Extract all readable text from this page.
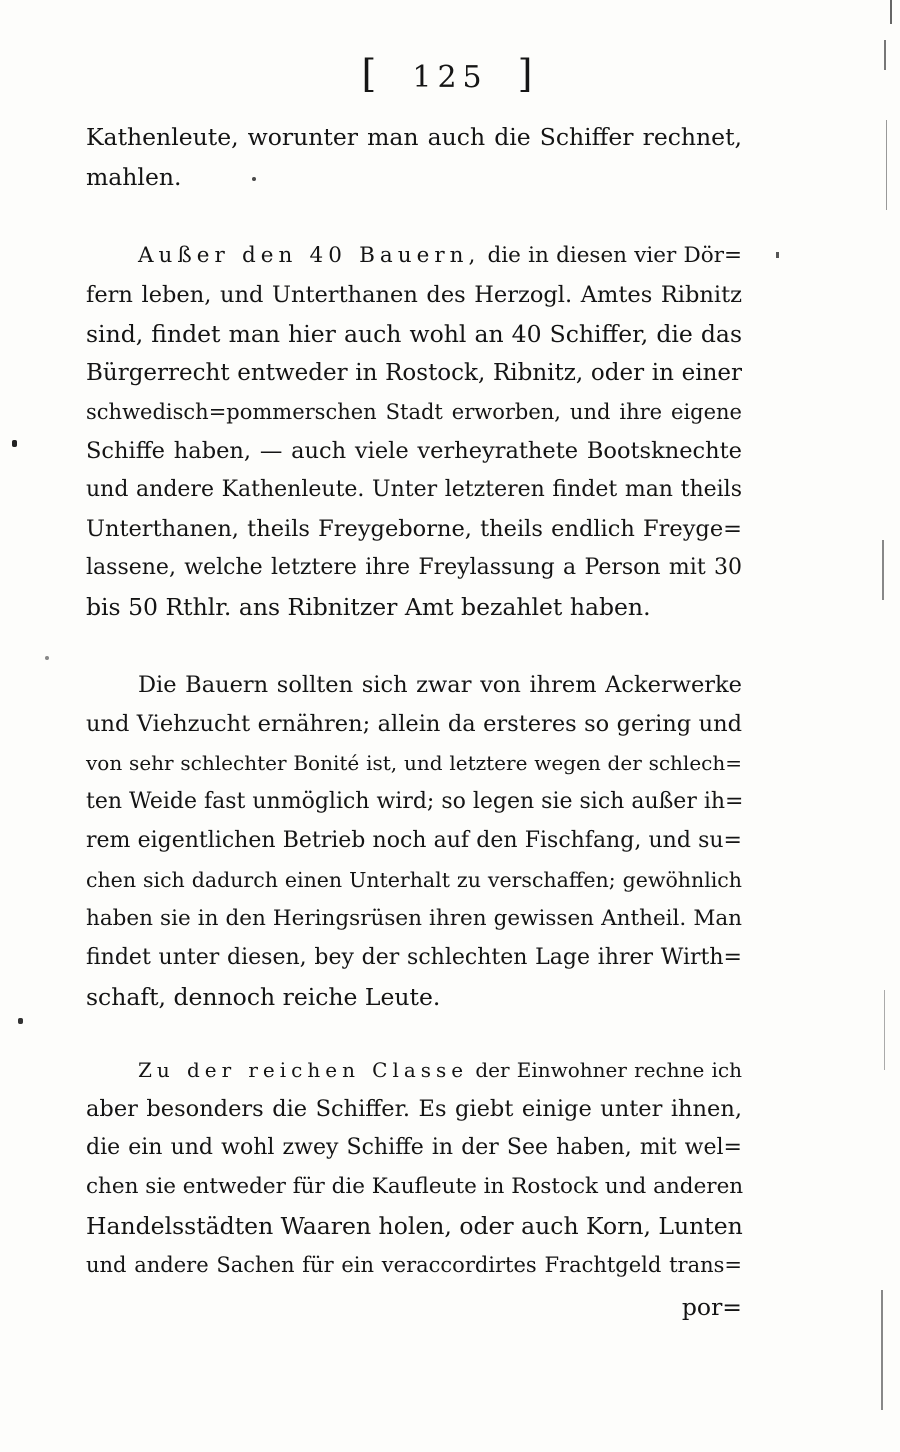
[ 125 ]
Kathenleute, worunter man auch die Schiffer rechnet,
mahlen.
Außer den 40 Bauern, die in diesen vier Dör=
fern leben, und Unterthanen des Herzogl. Amtes Ribnitz
sind, findet man hier auch wohl an 40 Schiffer, die das
Bürgerrecht entweder in Rostock, Ribnitz, oder in einer
schwedisch=pommerschen Stadt erworben, und ihre eigene
Schiffe haben, — auch viele verheyrathete Bootsknechte
und andere Kathenleute. Unter letzteren findet man theils
Unterthanen, theils Freygeborne, theils endlich Freyge=
lassene, welche letztere ihre Freylassung a Person mit 30
bis 50 Rthlr. ans Ribnitzer Amt bezahlet haben.
Die Bauern sollten sich zwar von ihrem Ackerwerke
und Viehzucht ernähren; allein da ersteres so gering und
von sehr schlechter Bonité ist, und letztere wegen der schlech=
ten Weide fast unmöglich wird; so legen sie sich außer ih=
rem eigentlichen Betrieb noch auf den Fischfang, und su=
chen sich dadurch einen Unterhalt zu verschaffen; gewöhnlich
haben sie in den Heringsrüsen ihren gewissen Antheil. Man
findet unter diesen, bey der schlechten Lage ihrer Wirth=
schaft, dennoch reiche Leute.
Zu der reichen Classe der Einwohner rechne ich
aber besonders die Schiffer. Es giebt einige unter ihnen,
die ein und wohl zwey Schiffe in der See haben, mit wel=
chen sie entweder für die Kaufleute in Rostock und anderen
Handelsstädten Waaren holen, oder auch Korn, Lunten
und andere Sachen für ein veraccordirtes Frachtgeld trans=
por=
